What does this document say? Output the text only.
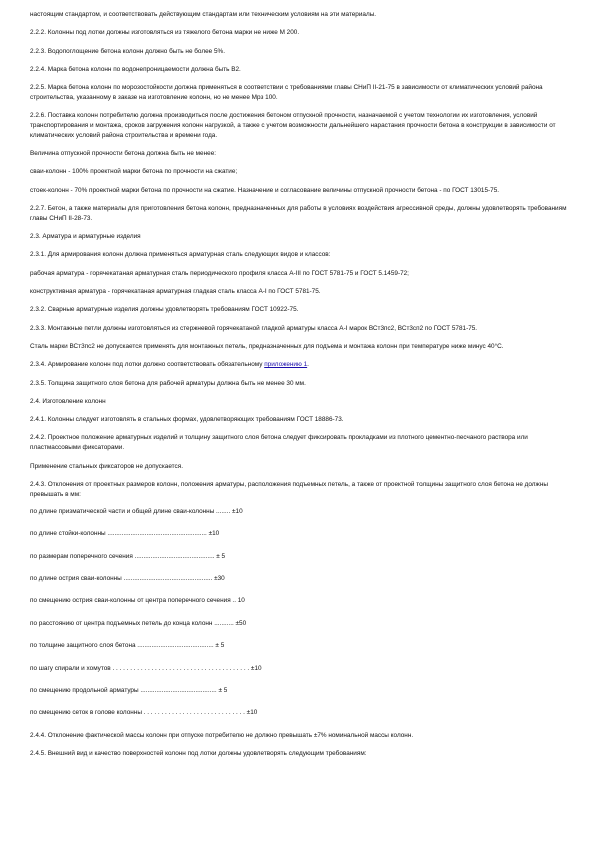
настоящим стандартом, и соответствовать действующим стандартам или техническим условиям на эти материалы.

2.2.2. Колонны под лотки должны изготовляться из тяжелого бетона марки не ниже М 200.

2.2.3. Водопоглощение бетона колонн должно быть не более 5%.

2.2.4. Марка бетона колонн по водонепроницаемости должна быть В2.

2.2.5. Марка бетона колонн по морозостойкости должна применяться в соответствии с требованиями главы СНиП II-21-75 в зависимости от климатических условий района строительства, указанному в заказе на изготовление колонн, но не менее Мрз 100.

2.2.6. Поставка колонн потребителю должна производиться после достижения бетоном отпускной прочности, назначаемой с учетом технологии их изготовления, условий транспортирования и монтажа, сроков загружения колонн нагрузкой, а также с учетом возможности дальнейшего нарастания прочности бетона в конструкции в зависимости от климатических условий района строительства и времени года.

Величина отпускной прочности бетона должна быть не менее:

сваи-колонн - 100% проектной марки бетона по прочности на сжатие;

стоек-колонн - 70% проектной марки бетона по прочности на сжатие. Назначение и согласование величины отпускной прочности бетона - по ГОСТ 13015-75.

2.2.7. Бетон, а также материалы для приготовления бетона колонн, предназначенных для работы в условиях воздействия агрессивной среды, должны удовлетворять требованиям главы СНиП II-28-73.

2.3. Арматура и арматурные изделия

2.3.1. Для армирования колонн должна применяться арматурная сталь следующих видов и классов:

рабочая арматура - горячекатаная арматурная сталь периодического профиля класса А-III по ГОСТ 5781-75 и ГОСТ 5.1459-72;

конструктивная арматура - горячекатаная арматурная гладкая сталь класса А-I по ГОСТ 5781-75.

2.3.2. Сварные арматурные изделия должны удовлетворять требованиям ГОСТ 10922-75.

2.3.3. Монтажные петли должны изготовляться из стержневой горячекатаной гладкой арматуры класса А-I марок ВСт3пс2, ВСт3сп2 по ГОСТ 5781-75.

Сталь марки ВСт3пс2 не допускается применять для монтажных петель, предназначенных для подъема и монтажа колонн при температуре ниже минус 40°С.

2.3.4. Армирование колонн под лотки должно соответствовать обязательному приложению 1.

2.3.5. Толщина защитного слоя бетона для рабочей арматуры должна быть не менее 30 мм.

2.4. Изготовление колонн

2.4.1. Колонны следует изготовлять в стальных формах, удовлетворяющих требованиям ГОСТ 18886-73.

2.4.2. Проектное положение арматурных изделий и толщину защитного слоя бетона следует фиксировать прокладками из плотного цементно-песчаного раствора или пластмассовыми фиксаторами.

Применение стальных фиксаторов не допускается.

2.4.3. Отклонения от проектных размеров колонн, положения арматуры, расположения подъемных петель, а также от проектной толщины защитного слоя бетона не должны превышать в мм:

по длине призматической части и общей длине сваи-колонны ........ ±10

по длине стойки-колонны ........................................................ ±10

по размерам поперечного сечения ............................................. ± 5

по длине острия сваи-колонны .................................................. ±30

по смещению острия сваи-колонны от центра поперечного сечения .. 10

по расстоянию от центра подъемных петель до конца колонн ........... ±50

по толщине защитного слоя бетона ........................................... ± 5

по шагу спирали и хомутов . . . . . . . . . . . . . . . . . . . . . . . . . . . . . . . . . . . . . . . ±10

по смещению продольной арматуры ........................................... ± 5

по смещению сеток в голове колонны . . . . . . . . . . . . . . . . . . . . . . . . . . . . . ±10

2.4.4. Отклонение фактической массы колонн при отпуске потребителю не должно превышать ±7% номинальной массы колонн.

2.4.5. Внешний вид и качество поверхностей колонн под лотки должны удовлетворять следующим требованиям:
